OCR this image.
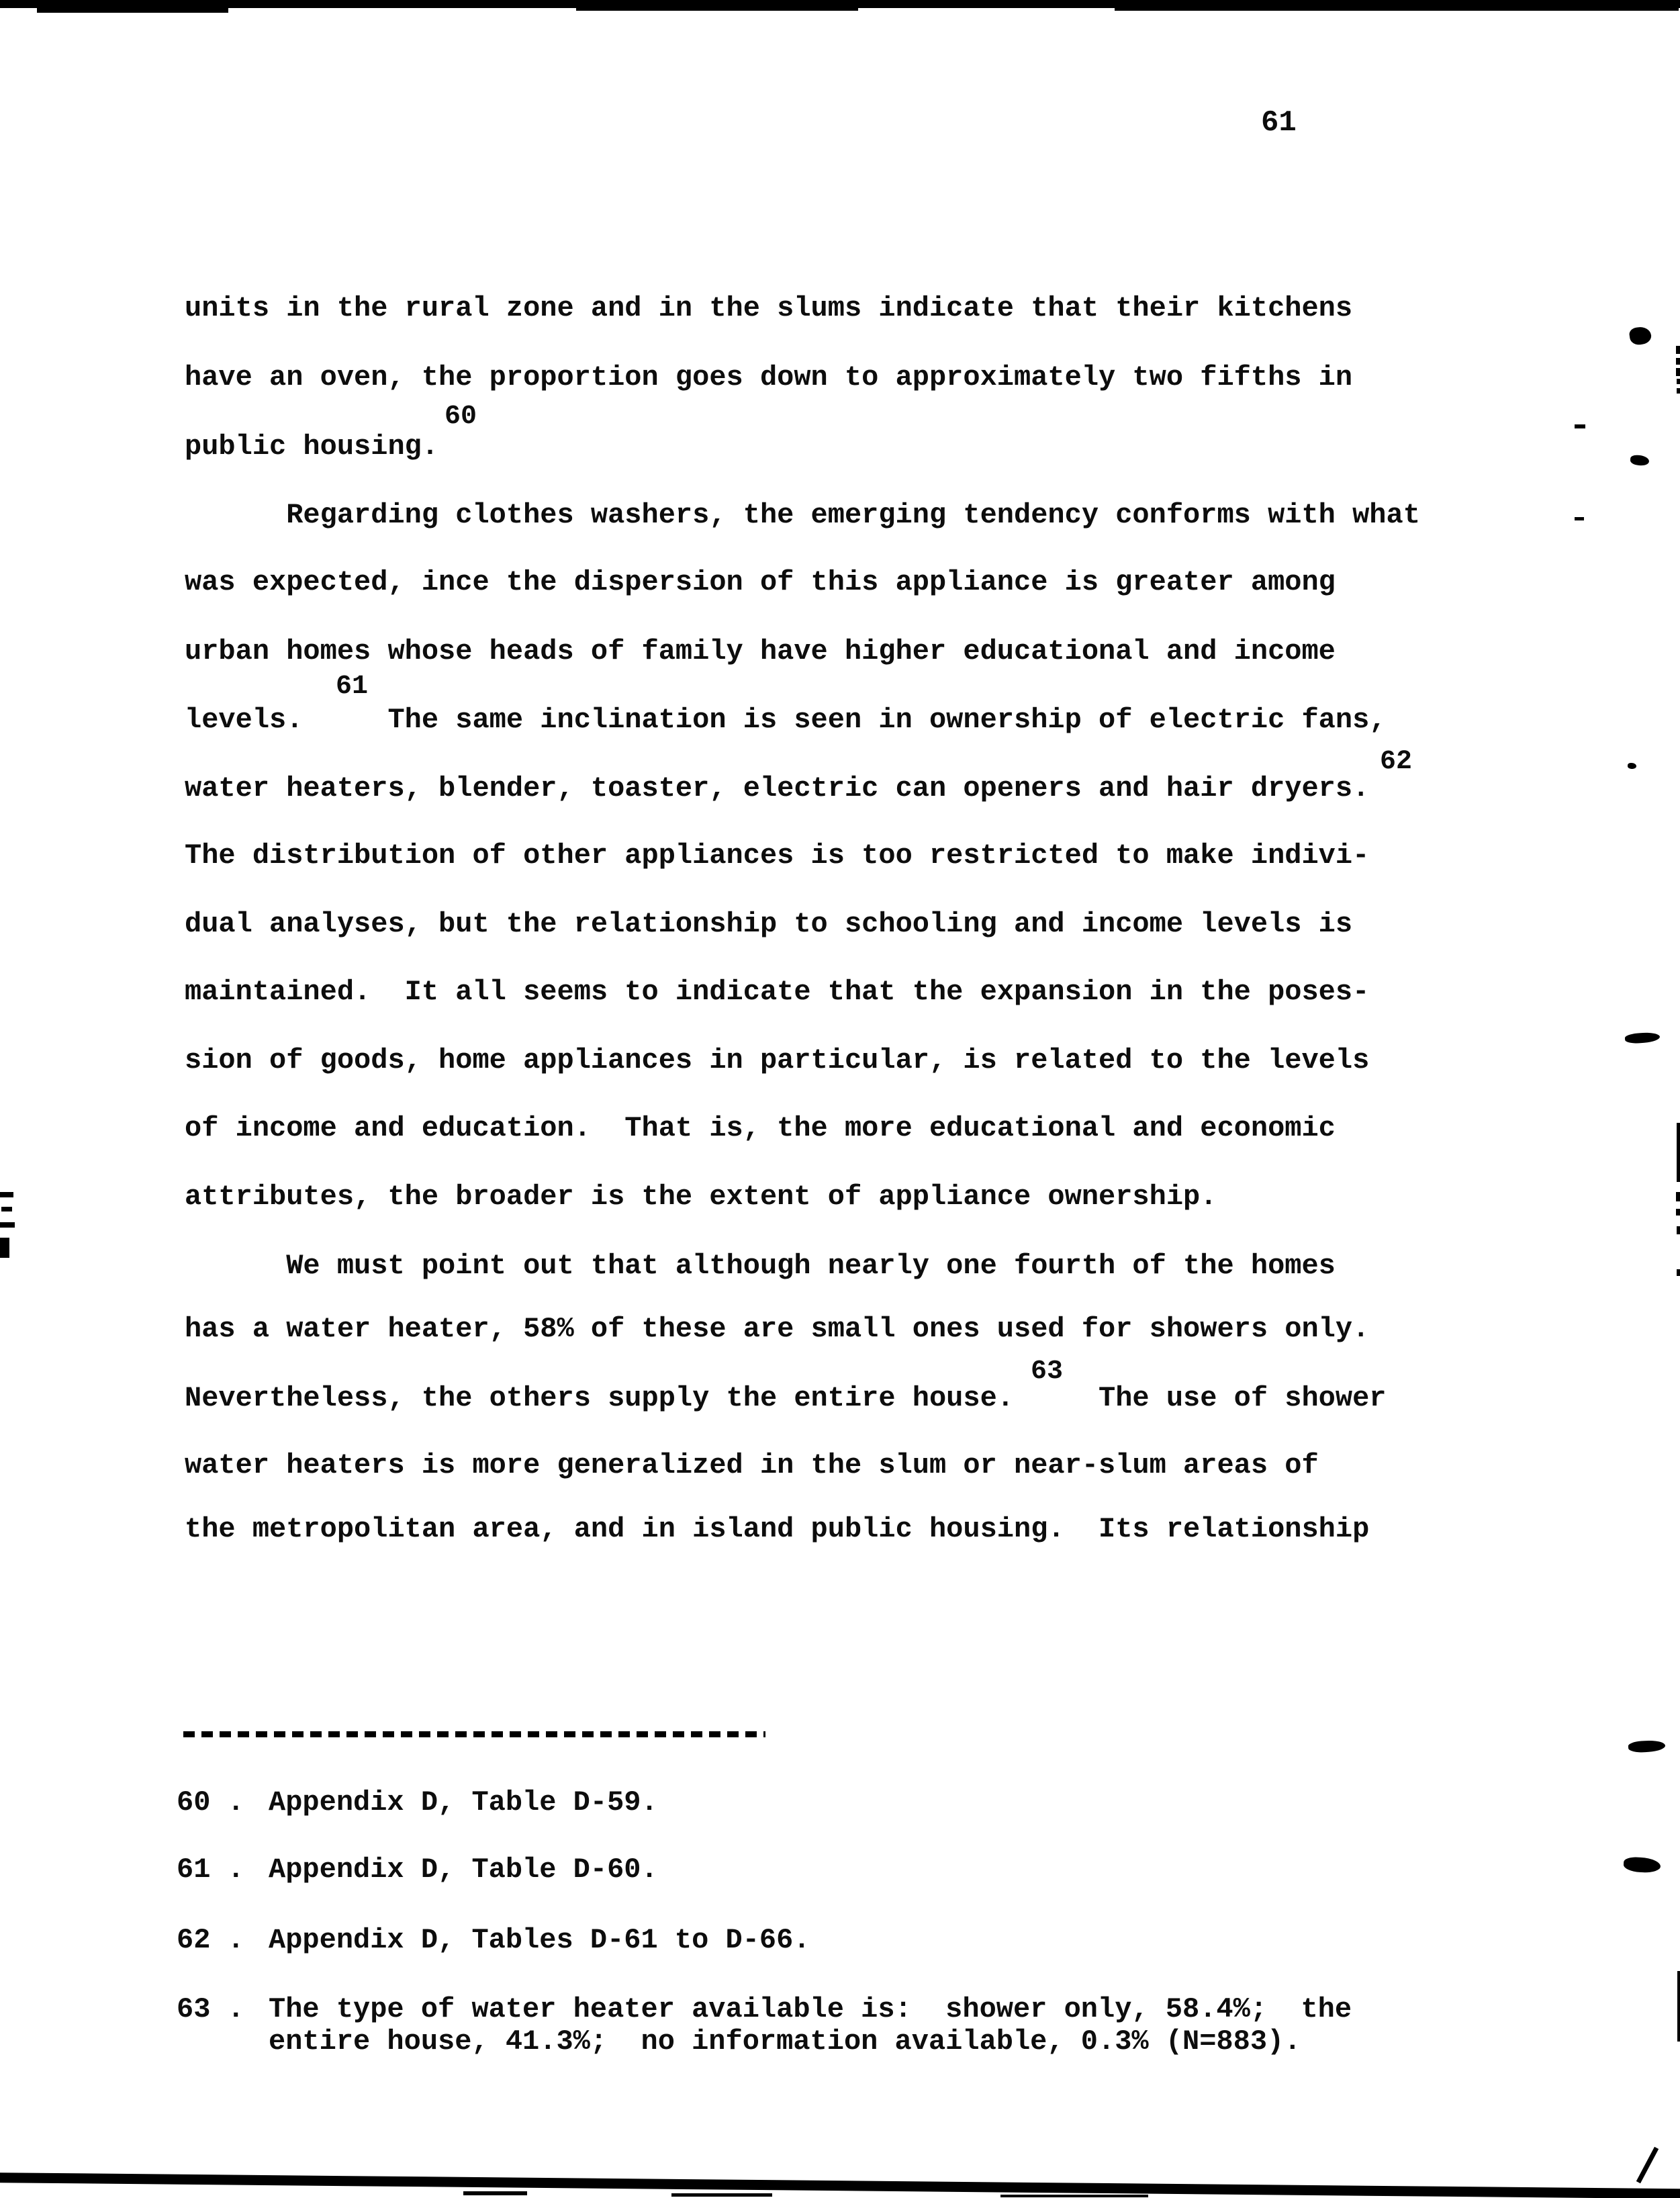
61
units in the rural zone and in the slums indicate that their kitchens
have an oven, the proportion goes down to approximately two fifths in
public housing.
Regarding clothes washers, the emerging tendency conforms with what
was expected, ince the dispersion of this appliance is greater among
urban homes whose heads of family have higher educational and income
levels.     The same inclination is seen in ownership of electric fans,
water heaters, blender, toaster, electric can openers and hair dryers.
The distribution of other appliances is too restricted to make indivi-
dual analyses, but the relationship to schooling and income levels is
maintained.  It all seems to indicate that the expansion in the poses-
sion of goods, home appliances in particular, is related to the levels
of income and education.  That is, the more educational and economic
attributes, the broader is the extent of appliance ownership.
We must point out that although nearly one fourth of the homes
has a water heater, 58% of these are small ones used for showers only.
Nevertheless, the others supply the entire house.     The use of shower
water heaters is more generalized in the slum or near-slum areas of
the metropolitan area, and in island public housing.  Its relationship
60
61
62
63
60 . Appendix D, Table D-59.
61 . Appendix D, Table D-60.
62 . Appendix D, Tables D-61 to D-66.
63 . The type of water heater available is:  shower only, 58.4%;  the
entire house, 41.3%;  no information available, 0.3% (N=883).
